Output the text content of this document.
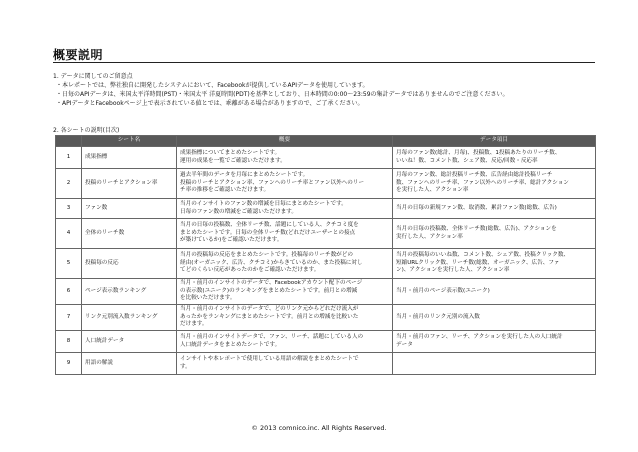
概要説明
1. データに関してのご留意点
・本レポートでは、弊社独自に開発したシステムにおいて、Facebookが提供しているAPIデータを使用しています。
・日毎のAPIデータは、米国太平洋時間(PST)・米国太平 洋夏時間(PDT)を基準としており、日本時間の0:00～23:59の集計データではありませんのでご注意ください。
・APIデータとFacebookページ上で表示されている値とでは、乖離がある場合がありますので、ご了承ください。
2. 各シートの説明(目次)
	シート名	概要	データ項目
1	成果指標	成果指標についてまとめたシートです。
運用の成果を一覧でご確認いただけます。	月毎のファン数(総計、月毎)、投稿数、1投稿あたりのリーチ数、
いいね！数、コメント数、シェア数、反応/回数・反応率
2	投稿のリーチとアクション率	過去半年間のデータを月毎にまとめたシートです。
投稿のリーチとアクション率、ファンへのリーチ率とファン以外へのリー
チ率の推移をご確認いただけます。	月毎のファン数、総計投稿リーチ数、広告経由総計投稿リーチ
数、ファンへのリーチ率、ファン以外へのリーチ率、総計アクション
を実行した人、アクション率
3	ファン数	当月のインサイトのファン数の増減を日毎にまとめたシートです。
日毎のファン数の増減をご確認いただけます。	当月の日毎の新規ファン数、取消数、累計ファン数(総数、広告)
4	全体のリーチ数	当月の日毎の投稿数、全体リーチ数、話題にしている人、クチコミ度を
まとめたシートです。日毎の全体リーチ数(どれだけユーザーとの接点
が築けているか)をご確認いただけます。	当月の日毎の投稿数、全体リーチ数(総数、広告)、アクションを
実行した人、アクション率
5	投稿毎の反応	当月の投稿毎の反応をまとめたシートです。投稿毎のリーチ数がどの
経由(オーガニック、広告、クチコミ)からきているのか、また投稿に対し
てどのくらい反応があったのかをご確認いただけます。	当月の投稿毎のいいね数、コメント数、シェア数、投稿クリック数、
短縮URLクリック数、リーチ数(総数、オーガニック、広告、ファ
ン)、アクションを実行した人、アクション率
6	ページ表示数ランキング	当月・前月のインサイトのデータで、Facebookアカウント配下のページ
の表示数(ユニーク)のランキングをまとめたシートです。前月との増減
を比較いただけます。	当月・前月のページ表示数(ユニーク)
7	リンク元別流入数ランキング	当月・前月のインサイトのデータで、どのリンク元からどれだけ流入が
あったかをランキングにまとめたシートです。前月との増減を比較いた
だけます。	当月・前月のリンク元別の流入数
8	人口統計データ	当月・前月のインサイトデータで、ファン、リーチ、話題にしている人の
人口統計データをまとめたシートです。	当月・前月のファン、リーチ、アクションを実行した人の人口統計
データ
9	用語の解説	インサイトや本レポートで使用している用語の解説をまとめたシートで
す。	
© 2013 comnico.inc. All Rights Reserved.
